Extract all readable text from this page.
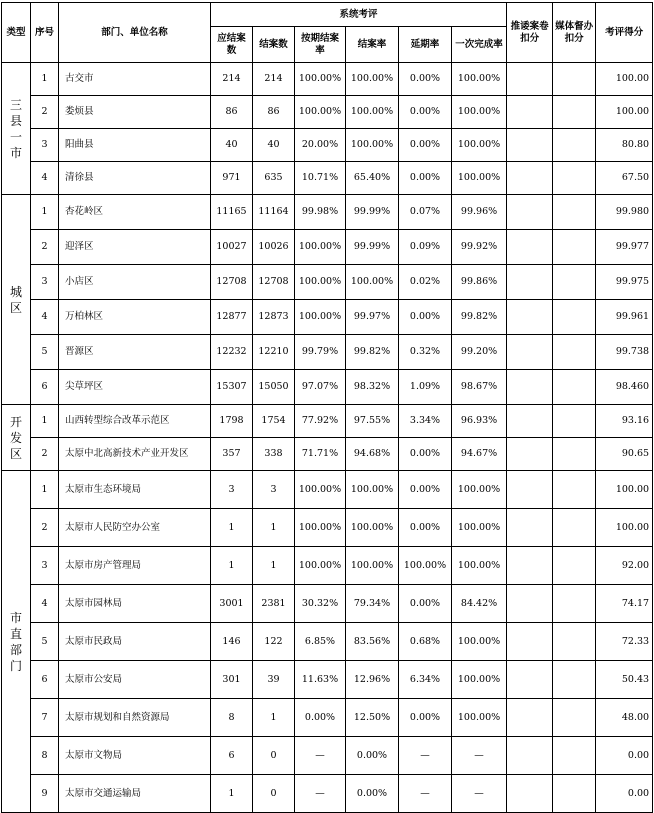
类型	序号	部门、单位名称	系统考评						推诿案卷扣分	媒体督办扣分	考评得分
			应结案数	结案数	按期结案率	结案率	延期率	一次完成率			

三
县
一
市	1	古交市	214	214	100.00%	100.00%	0.00%	100.00%			100.00
	2	娄烦县	86	86	100.00%	100.00%	0.00%	100.00%			100.00
	3	阳曲县	40	40	20.00%	100.00%	0.00%	100.00%			80.80
	4	清徐县	971	635	10.71%	65.40%	0.00%	100.00%			67.50

城
区	1	杏花岭区	11165	11164	99.98%	99.99%	0.07%	99.96%			99.980
	2	迎泽区	10027	10026	100.00%	99.99%	0.09%	99.92%			99.977
	3	小店区	12708	12708	100.00%	100.00%	0.02%	99.86%			99.975
	4	万柏林区	12877	12873	100.00%	99.97%	0.00%	99.82%			99.961
	5	晋源区	12232	12210	99.79%	99.82%	0.32%	99.20%			99.738
	6	尖草坪区	15307	15050	97.07%	98.32%	1.09%	98.67%			98.460

开
发
区	1	山西转型综合改革示范区	1798	1754	77.92%	97.55%	3.34%	96.93%			93.16
	2	太原中北高新技术产业开发区	357	338	71.71%	94.68%	0.00%	94.67%			90.65

市
直
部
门	1	太原市生态环境局	3	3	100.00%	100.00%	0.00%	100.00%			100.00
	2	太原市人民防空办公室	1	1	100.00%	100.00%	0.00%	100.00%			100.00
	3	太原市房产管理局	1	1	100.00%	100.00%	100.00%	100.00%			92.00
	4	太原市园林局	3001	2381	30.32%	79.34%	0.00%	84.42%			74.17
	5	太原市民政局	146	122	6.85%	83.56%	0.68%	100.00%			72.33
	6	太原市公安局	301	39	11.63%	12.96%	6.34%	100.00%			50.43
	7	太原市规划和自然资源局	8	1	0.00%	12.50%	0.00%	100.00%			48.00
	8	太原市文物局	6	0	—	0.00%	—	—			0.00
	9	太原市交通运输局	1	0	—	0.00%	—	—			0.00
